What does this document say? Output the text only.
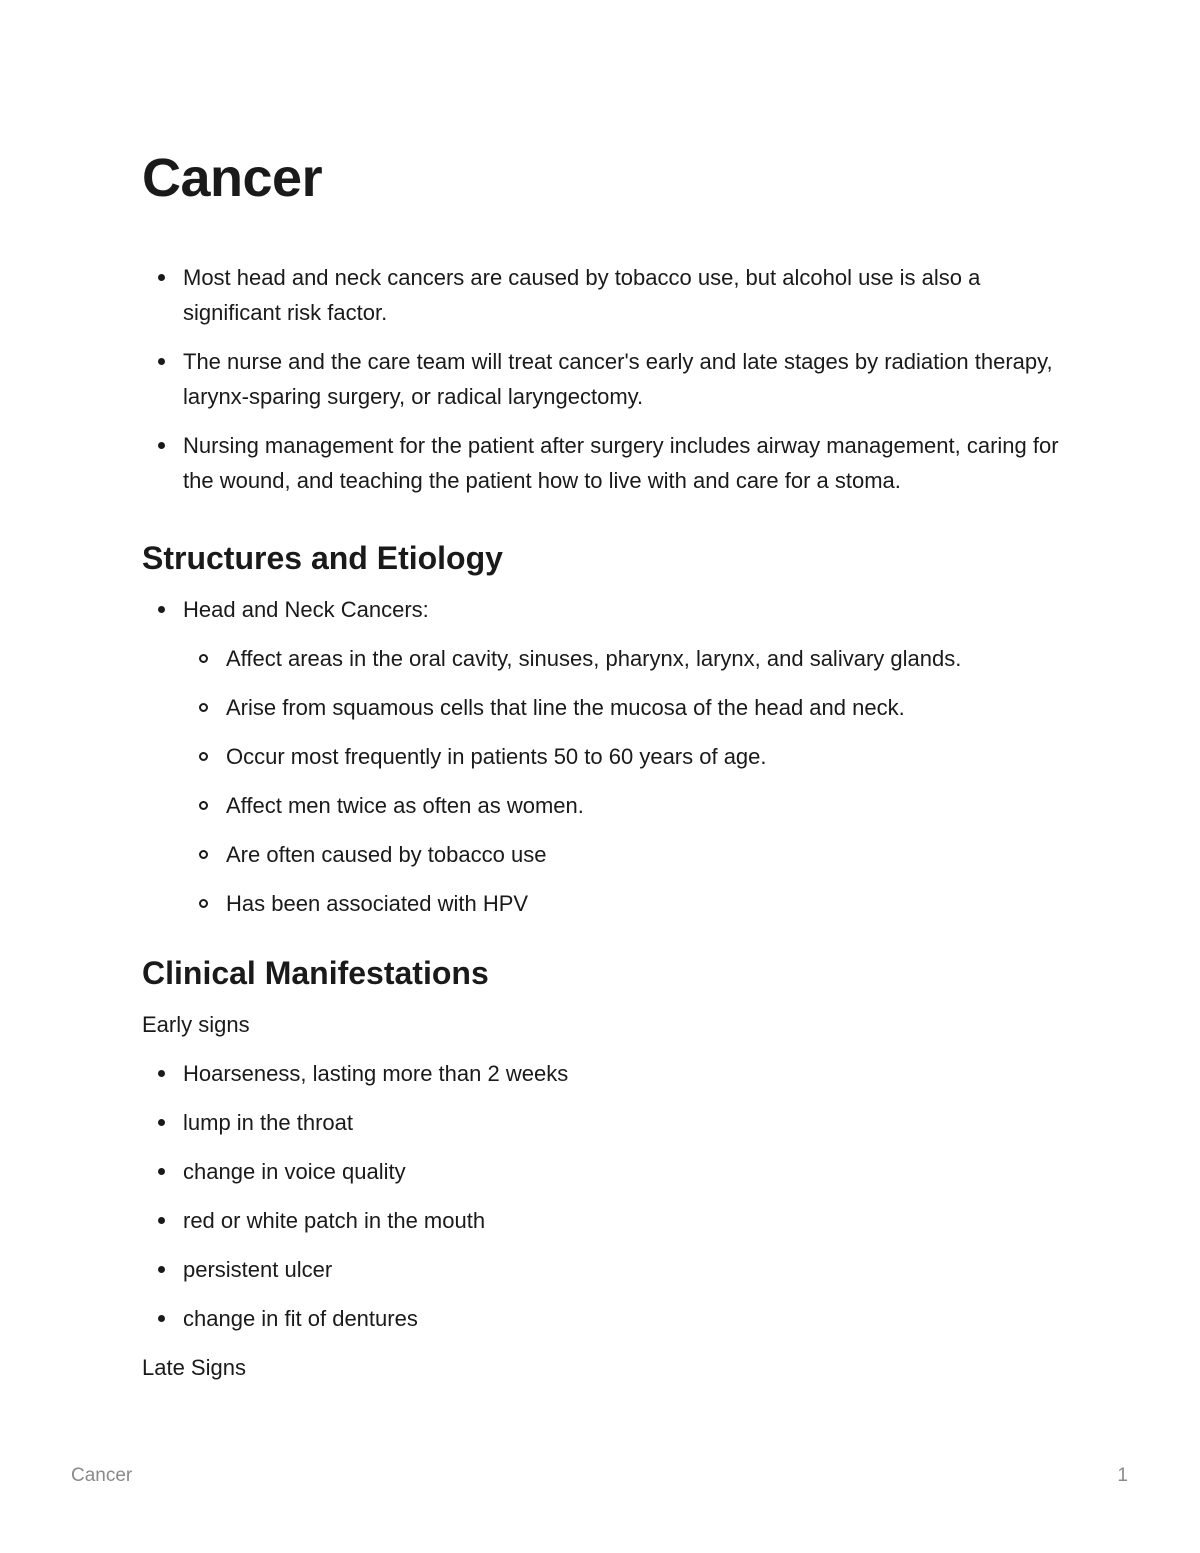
Cancer
Most head and neck cancers are caused by tobacco use, but alcohol use is also a significant risk factor.
The nurse and the care team will treat cancer's early and late stages by radiation therapy, larynx-sparing surgery, or radical laryngectomy.
Nursing management for the patient after surgery includes airway management, caring for the wound, and teaching the patient how to live with and care for a stoma.
Structures and Etiology
Head and Neck Cancers:
Affect areas in the oral cavity, sinuses, pharynx, larynx, and salivary glands.
Arise from squamous cells that line the mucosa of the head and neck.
Occur most frequently in patients 50 to 60 years of age.
Affect men twice as often as women.
Are often caused by tobacco use
Has been associated with HPV
Clinical Manifestations

Early signs

Hoarseness, lasting more than 2 weeks
lump in the throat
change in voice quality
red or white patch in the mouth
persistent ulcer
change in fit of dentures

Late Signs

Cancer	1
